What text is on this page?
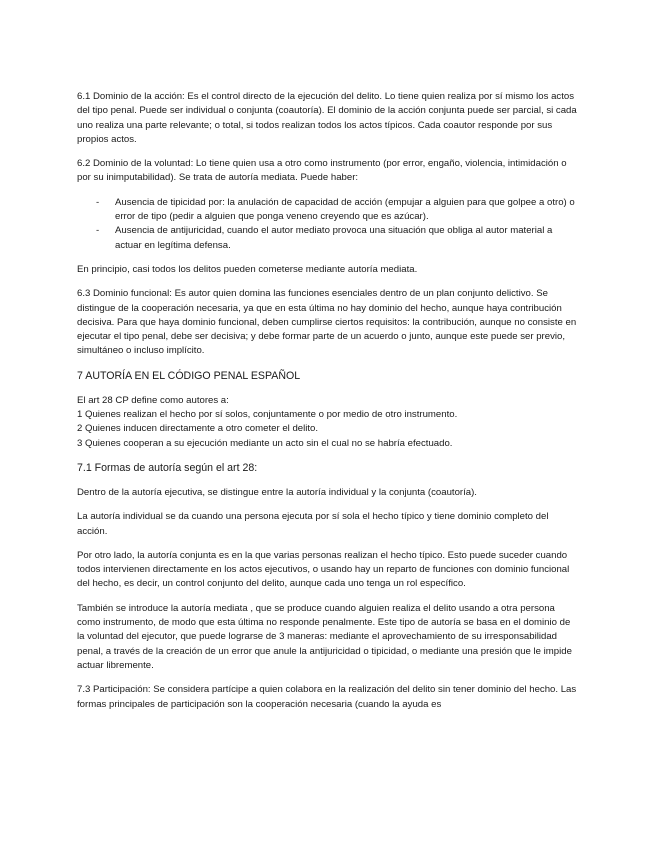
6.1 Dominio de la acción: Es el control directo de la ejecución del delito. Lo tiene quien realiza por sí mismo los actos del tipo penal. Puede ser individual o conjunta (coautoría). El dominio de la acción conjunta puede ser parcial, si cada uno realiza una parte relevante; o total, si todos realizan todos los actos típicos. Cada coautor responde por sus propios actos.

6.2 Dominio de la voluntad: Lo tiene quien usa a otro como instrumento (por error, engaño, violencia, intimidación o por su inimputabilidad). Se trata de autoría mediata. Puede haber:

- Ausencia de tipicidad por: la anulación de capacidad de acción (empujar a alguien para que golpee a otro) o error de tipo (pedir a alguien que ponga veneno creyendo que es azúcar).
- Ausencia de antijuricidad, cuando el autor mediato provoca una situación que obliga al autor material a actuar en legítima defensa.

En principio, casi todos los delitos pueden cometerse mediante autoría mediata.

6.3 Dominio funcional: Es autor quien domina las funciones esenciales dentro de un plan conjunto delictivo. Se distingue de la cooperación necesaria, ya que en esta última no hay dominio del hecho, aunque haya contribución decisiva. Para que haya dominio funcional, deben cumplirse ciertos requisitos: la contribución, aunque no consiste en ejecutar el tipo penal, debe ser decisiva; y debe formar parte de un acuerdo o junto, aunque este puede ser previo, simultáneo o incluso implícito.

7 AUTORÍA EN EL CÓDIGO PENAL ESPAÑOL

El art 28 CP define como autores a:

1 Quienes realizan el hecho por sí solos, conjuntamente o por medio de otro instrumento.

2 Quienes inducen directamente a otro cometer el delito.

3 Quienes cooperan a su ejecución mediante un acto sin el cual no se habría efectuado.

7.1 Formas de autoría según el art 28:

Dentro de la autoría ejecutiva, se distingue entre la autoría individual y la conjunta (coautoría).

La autoría individual se da cuando una persona ejecuta por sí sola el hecho típico y tiene dominio completo del acción.

Por otro lado, la autoría conjunta es en la que varias personas realizan el hecho típico. Esto puede suceder cuando todos intervienen directamente en los actos ejecutivos, o usando hay un reparto de funciones con dominio funcional del hecho, es decir, un control conjunto del delito, aunque cada uno tenga un rol específico.

También se introduce la autoría mediata , que se produce cuando alguien realiza el delito usando a otra persona como instrumento, de modo que esta última no responde penalmente. Este tipo de autoría se basa en el dominio de la voluntad del ejecutor, que puede lograrse de 3 maneras: mediante el aprovechamiento de su irresponsabilidad penal, a través de la creación de un error que anule la antijuricidad o tipicidad, o mediante una presión que le impide actuar libremente.

7.3 Participación: Se considera partícipe a quien colabora en la realización del delito sin tener dominio del hecho. Las formas principales de participación son la cooperación necesaria (cuando la ayuda es
